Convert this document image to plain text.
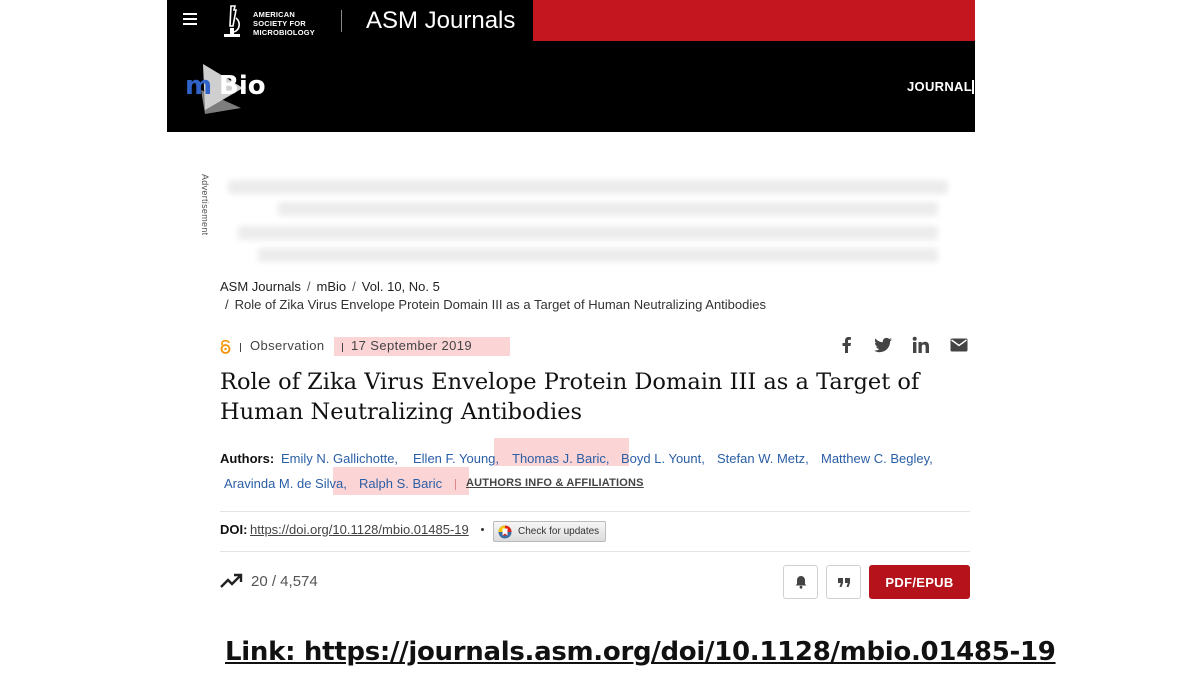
AMERICAN
SOCIETY FOR
MICROBIOLOGY	ASM Journals
m Bio	JOURNAL
Advertisement
ASM Journals / mBio / Vol. 10, No. 5
/ Role of Zika Virus Envelope Protein Domain III as a Target of Human Neutralizing Antibodies
Observation 17 September 2019
Role of Zika Virus Envelope Protein Domain III as a Target of
Human Neutralizing Antibodies
Authors: Emily N. Gallichotte, Ellen F. Young, Thomas J. Baric, Boyd L. Yount, Stefan W. Metz, Matthew C. Begley,
Aravinda M. de Silva, Ralph S. Baric AUTHORS INFO & AFFILIATIONS
DOI: https://doi.org/10.1128/mbio.01485-19	Check for updates
20 / 4,574	PDF/EPUB
Link: https://journals.asm.org/doi/10.1128/mbio.01485-19
